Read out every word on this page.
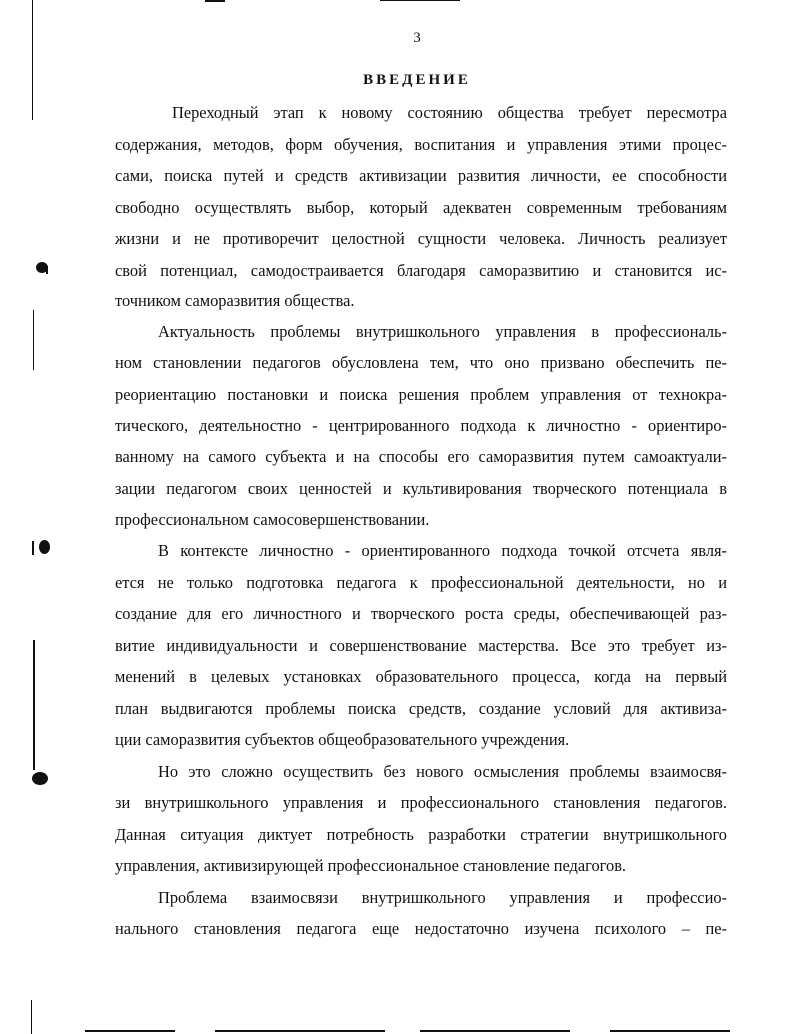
3
ВВЕДЕНИЕ
Переходный этап к новому состоянию общества требует пересмотра
содержания, методов, форм обучения, воспитания и управления этими процес-
сами, поиска путей и средств активизации развития личности, ее способности
свободно осуществлять выбор, который адекватен современным требованиям
жизни и не противоречит целостной сущности человека. Личность реализует
свой потенциал, самодостраивается благодаря саморазвитию и становится ис-
точником саморазвития общества.
Актуальность проблемы внутришкольного управления в профессиональ-
ном становлении педагогов обусловлена тем, что оно призвано обеспечить пе-
реориентацию постановки и поиска решения проблем управления от технокра-
тического, деятельностно - центрированного подхода к личностно - ориентиро-
ванному на самого субъекта и на способы его саморазвития путем самоактуали-
зации педагогом своих ценностей и культивирования творческого потенциала в
профессиональном самосовершенствовании.
В контексте личностно - ориентированного подхода точкой отсчета явля-
ется не только подготовка педагога к профессиональной деятельности, но и
создание для его личностного и творческого роста среды, обеспечивающей раз-
витие индивидуальности и совершенствование мастерства. Все это требует из-
менений в целевых установках образовательного процесса, когда на первый
план выдвигаются проблемы поиска средств, создание условий для активиза-
ции саморазвития субъектов общеобразовательного учреждения.
Но это сложно осуществить без нового осмысления проблемы взаимосвя-
зи внутришкольного управления и профессионального становления педагогов.
Данная ситуация диктует потребность разработки стратегии внутришкольного
управления, активизирующей профессиональное становление педагогов.
Проблема взаимосвязи внутришкольного управления и профессио-
нального становления педагога еще недостаточно изучена психолого – пе-
